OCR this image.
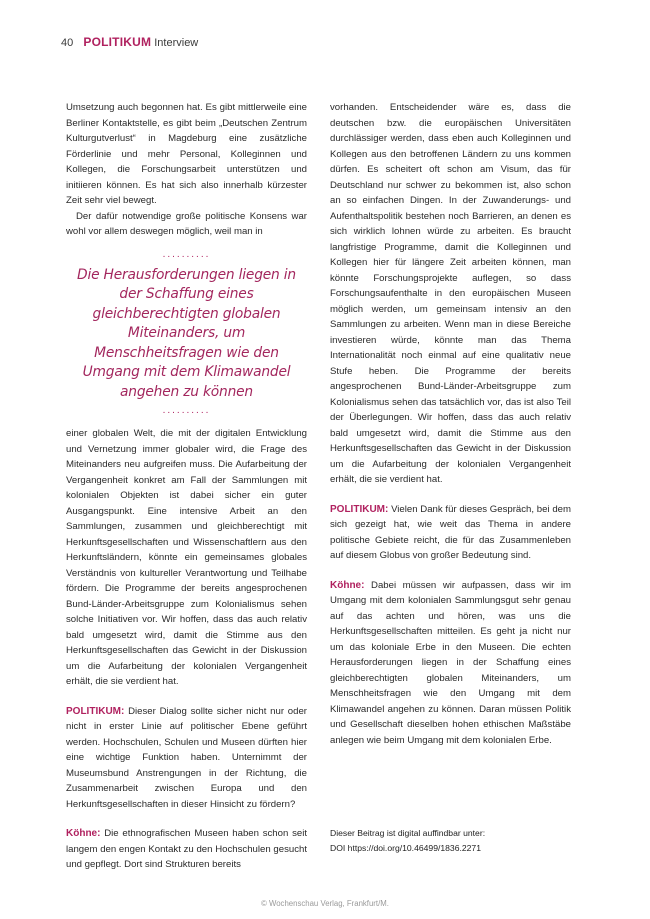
40 POLITIKUM Interview

Umsetzung auch begonnen hat. Es gibt mittlerweile eine Berliner Kontaktstelle, es gibt beim „Deutschen Zentrum Kulturgutverlust“ in Magdeburg eine zusätzliche Förderlinie und mehr Personal, Kolleginnen und Kollegen, die Forschungsarbeit unterstützen und initiieren können. Es hat sich also innerhalb kürzester Zeit sehr viel bewegt.

Der dafür notwendige große politische Konsens war wohl vor allem deswegen möglich, weil man in

..........
Die Herausforderungen liegen in der Schaffung eines gleichberechtigten globalen Miteinanders, um Menschheitsfragen wie den Umgang mit dem Klimawandel angehen zu können
..........

einer globalen Welt, die mit der digitalen Entwicklung und Vernetzung immer globaler wird, die Frage des Miteinanders neu aufgreifen muss. Die Aufarbeitung der Vergangenheit konkret am Fall der Sammlungen mit kolonialen Objekten ist dabei sicher ein guter Ausgangspunkt. Eine intensive Arbeit an den Sammlungen, zusammen und gleichberechtigt mit Herkunftsgesellschaften und Wissenschaftlern aus den Herkunftsländern, könnte ein gemeinsames globales Verständnis von kultureller Verantwortung und Teilhabe fördern. Die Programme der bereits angesprochenen Bund-Länder-Arbeitsgruppe zum Kolonialismus sehen solche Initiativen vor. Wir hoffen, dass das auch relativ bald umgesetzt wird, damit die Stimme aus den Herkunftsgesellschaften das Gewicht in der Diskussion um die Aufarbeitung der kolonialen Vergangenheit erhält, die sie verdient hat.

POLITIKUM: Dieser Dialog sollte sicher nicht nur oder nicht in erster Linie auf politischer Ebene geführt werden. Hochschulen, Schulen und Museen dürften hier eine wichtige Funktion haben. Unternimmt der Museumsbund Anstrengungen in der Richtung, die Zusammenarbeit zwischen Europa und den Herkunftsgesellschaften in dieser Hinsicht zu fördern?

Köhne: Die ethnografischen Museen haben schon seit langem den engen Kontakt zu den Hochschulen gesucht und gepflegt. Dort sind Strukturen bereits

vorhanden. Entscheidender wäre es, dass die deutschen bzw. die europäischen Universitäten durchlässiger werden, dass eben auch Kolleginnen und Kollegen aus den betroffenen Ländern zu uns kommen dürfen. Es scheitert oft schon am Visum, das für Deutschland nur schwer zu bekommen ist, also schon an so einfachen Dingen. In der Zuwanderungs- und Aufenthaltspolitik bestehen noch Barrieren, an denen es sich wirklich lohnen würde zu arbeiten. Es braucht langfristige Programme, damit die Kolleginnen und Kollegen hier für längere Zeit arbeiten können, man könnte Forschungsprojekte auflegen, so dass Forschungsaufenthalte in den europäischen Museen möglich werden, um gemeinsam intensiv an den Sammlungen zu arbeiten. Wenn man in diese Bereiche investieren würde, könnte man das Thema Internationalität noch einmal auf eine qualitativ neue Stufe heben. Die Programme der bereits angesprochenen Bund-Länder-Arbeitsgruppe zum Kolonialismus sehen das tatsächlich vor, das ist also Teil der Überlegungen. Wir hoffen, dass das auch relativ bald umgesetzt wird, damit die Stimme aus den Herkunftsgesellschaften das Gewicht in der Diskussion um die Aufarbeitung der kolonialen Vergangenheit erhält, die sie verdient hat.

POLITIKUM: Vielen Dank für dieses Gespräch, bei dem sich gezeigt hat, wie weit das Thema in andere politische Gebiete reicht, die für das Zusammenleben auf diesem Globus von großer Bedeutung sind.

Köhne: Dabei müssen wir aufpassen, dass wir im Umgang mit dem kolonialen Sammlungsgut sehr genau auf das achten und hören, was uns die Herkunftsgesellschaften mitteilen. Es geht ja nicht nur um das koloniale Erbe in den Museen. Die echten Herausforderungen liegen in der Schaffung eines gleichberechtigten globalen Miteinanders, um Menschheitsfragen wie den Umgang mit dem Klimawandel angehen zu können. Daran müssen Politik und Gesellschaft dieselben hohen ethischen Maßstäbe anlegen wie beim Umgang mit dem kolonialen Erbe.

Dieser Beitrag ist digital auffindbar unter:
DOI https://doi.org/10.46499/1836.2271
© Wochenschau Verlag, Frankfurt/M.
